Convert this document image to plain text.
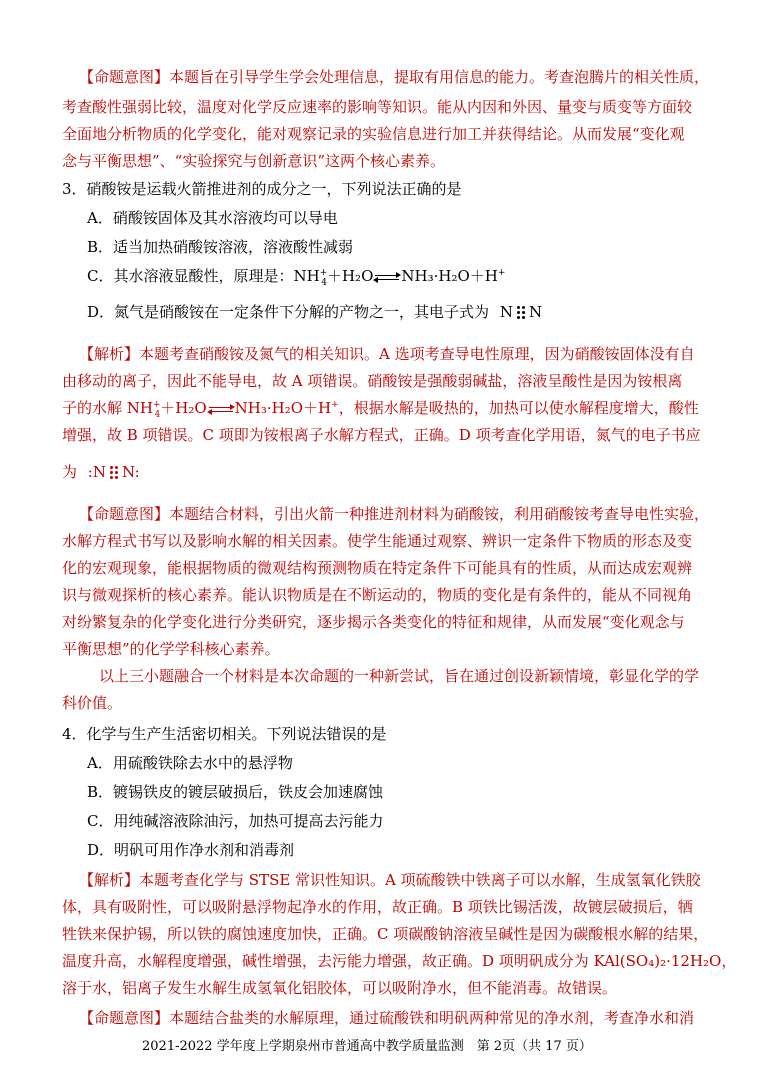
【命题意图】本题旨在引导学生学会处理信息，提取有用信息的能力。考查泡腾片的相关性质，
考查酸性强弱比较，温度对化学反应速率的影响等知识。能从内因和外因、量变与质变等方面较
全面地分析物质的化学变化，能对观察记录的实验信息进行加工并获得结论。从而发展“变化观
念与平衡思想”、“实验探究与创新意识”这两个核心素养。
3．硝酸铵是运载火箭推进剂的成分之一，下列说法正确的是
A．硝酸铵固体及其水溶液均可以导电
B．适当加热硝酸铵溶液，溶液酸性减弱
C．其水溶液显酸性，原理是：$NH^+_4+H_2O$ NH₃·H₂O＋H+
D．氮气是硝酸铵在一定条件下分解的产物之一，其电子式为 N N
【解析】本题考查硝酸铵及氮气的相关知识。A 选项考查导电性原理，因为硝酸铵固体没有自
由移动的离子，因此不能导电，故 A 项错误。硝酸铵是强酸弱碱盐，溶液呈酸性是因为铵根离
子的水解 $NH^+_4+H_2O$ NH₃·H₂O＋H+，根据水解是吸热的，加热可以使水解程度增大，酸性
增强，故 B 项错误。C 项即为铵根离子水解方程式，正确。D 项考查化学用语，氮气的电子书应
为 :N N:
【命题意图】本题结合材料，引出火箭一种推进剂材料为硝酸铵，利用硝酸铵考查导电性实验，
水解方程式书写以及影响水解的相关因素。使学生能通过观察、辨识一定条件下物质的形态及变
化的宏观现象，能根据物质的微观结构预测物质在特定条件下可能具有的性质，从而达成宏观辨
识与微观探析的核心素养。能认识物质是在不断运动的，物质的变化是有条件的，能从不同视角
对纷繁复杂的化学变化进行分类研究，逐步揭示各类变化的特征和规律，从而发展“变化观念与
平衡思想”的化学学科核心素养。
以上三小题融合一个材料是本次命题的一种新尝试，旨在通过创设新颖情境，彰显化学的学
科价值。
4．化学与生产生活密切相关。下列说法错误的是
A．用硫酸铁除去水中的悬浮物
B．镀锡铁皮的镀层破损后，铁皮会加速腐蚀
C．用纯碱溶液除油污，加热可提高去污能力
D．明矾可用作净水剂和消毒剂
【解析】本题考查化学与 STSE 常识性知识。A 项硫酸铁中铁离子可以水解，生成氢氧化铁胶
体，具有吸附性，可以吸附悬浮物起净水的作用，故正确。B 项铁比锡活泼，故镀层破损后，牺
牲铁来保护锡，所以铁的腐蚀速度加快，正确。C 项碳酸钠溶液呈碱性是因为碳酸根水解的结果，
温度升高，水解程度增强，碱性增强，去污能力增强，故正确。D 项明矾成分为 KAl(SO₄)₂·12H₂O，
溶于水，铝离子发生水解生成氢氧化铝胶体，可以吸附净水，但不能消毒。故错误。
【命题意图】本题结合盐类的水解原理，通过硫酸铁和明矾两种常见的净水剂，考查净水和消
2021-2022 学年度上学期泉州市普通高中教学质量监测　第 2页（共 17 页）
